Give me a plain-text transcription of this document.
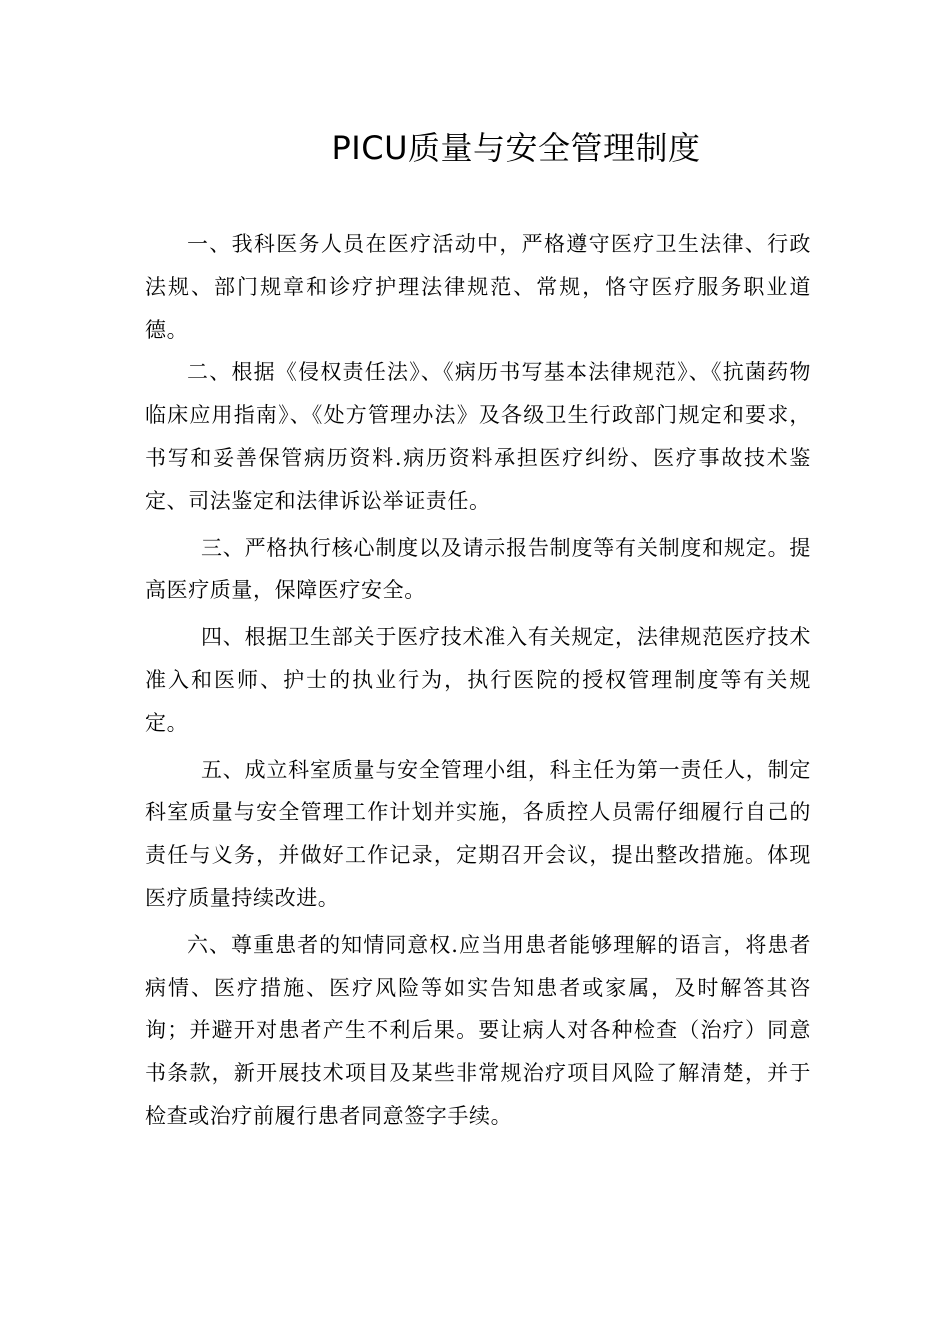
PICU质量与安全管理制度

一、我科医务人员在医疗活动中，严格遵守医疗卫生法律、行政法规、部门规章和诊疗护理法律规范、常规，恪守医疗服务职业道德。

二、根据《侵权责任法》、《病历书写基本法律规范》、《抗菌药物临床应用指南》、《处方管理办法》及各级卫生行政部门规定和要求，书写和妥善保管病历资料.病历资料承担医疗纠纷、医疗事故技术鉴定、司法鉴定和法律诉讼举证责任。

三、严格执行核心制度以及请示报告制度等有关制度和规定。提高医疗质量，保障医疗安全。

四、根据卫生部关于医疗技术准入有关规定，法律规范医疗技术准入和医师、护士的执业行为，执行医院的授权管理制度等有关规定。

五、成立科室质量与安全管理小组，科主任为第一责任人，制定科室质量与安全管理工作计划并实施，各质控人员需仔细履行自己的责任与义务，并做好工作记录，定期召开会议，提出整改措施。体现医疗质量持续改进。

六、尊重患者的知情同意权.应当用患者能够理解的语言，将患者病情、医疗措施、医疗风险等如实告知患者或家属，及时解答其咨询；并避开对患者产生不利后果。要让病人对各种检查（治疗）同意书条款，新开展技术项目及某些非常规治疗项目风险了解清楚，并于检查或治疗前履行患者同意签字手续。
